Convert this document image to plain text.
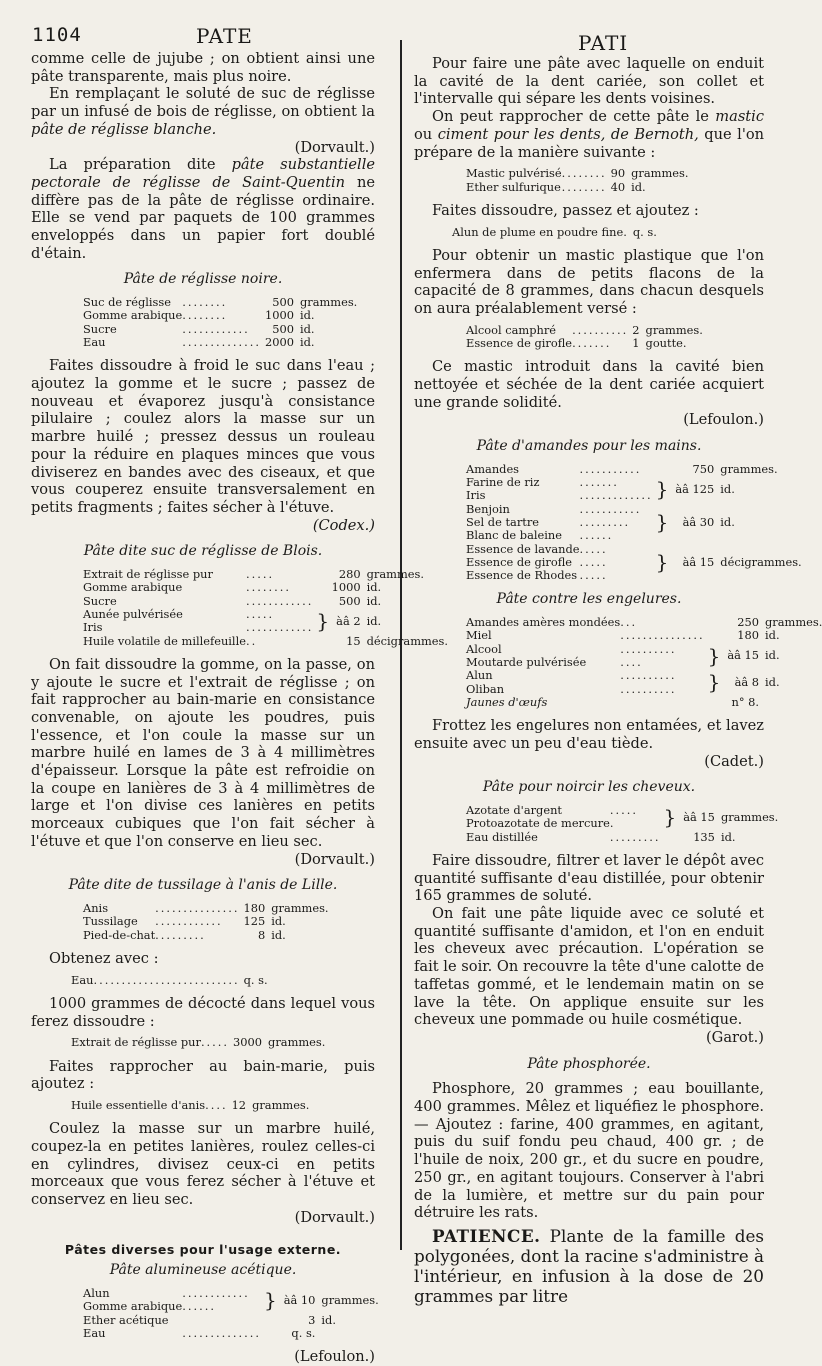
1104	PATE	PATI

comme celle de jujube ; on obtient ainsi une pâte transparente, mais plus noire.

En remplaçant le soluté de suc de réglisse par un infusé de bois de réglisse, on obtient la pâte de réglisse blanche.

(Dorvault.)

La préparation dite pâte substantielle pectorale de réglisse de Saint-Quentin ne diffère pas de la pâte de réglisse ordinaire. Elle se vend par paquets de 100 grammes enveloppés dans un papier fort doublé d'étain.

Pâte de réglisse noire.
Suc de réglisse	........	500	grammes.
Gomme arabique	........	1000	id.
Sucre	............	500	id.
Eau	..............	2000	id.

Faites dissoudre à froid le suc dans l'eau ; ajoutez la gomme et le sucre ; passez de nouveau et évaporez jusqu'à consistance pilulaire ; coulez alors la masse sur un marbre huilé ; pressez dessus un rouleau pour la réduire en plaques minces que vous diviserez en bandes avec des ciseaux, et que vous couperez ensuite transversalement en petits fragments ; faites sécher à l'étuve.

(Codex.)

Pâte dite suc de réglisse de Blois.
Extrait de réglisse pur	.....	280		grammes.
Gomme arabique	........	1000		id.
Sucre	............	500		id.
Aunée pulvérisée	.....	}	àâ 2	id.
Iris	............			
Huile volatile de millefeuille	..	15		décigrammes.

On fait dissoudre la gomme, on la passe, on y ajoute le sucre et l'extrait de réglisse ; on fait rapprocher au bain-marie en consistance convenable, on ajoute les poudres, puis l'essence, et l'on coule la masse sur un marbre huilé en lames de 3 à 4 millimètres d'épaisseur. Lorsque la pâte est refroidie on la coupe en lanières de 3 à 4 millimètres de large et l'on divise ces lanières en petits morceaux cubiques que l'on fait sécher à l'étuve et que l'on conserve en lieu sec.

(Dorvault.)

Pâte dite de tussilage à l'anis de Lille.
Anis	...............	180	grammes.
Tussilage	............	125	id.
Pied-de-chat	.........	8	id.

Obtenez avec :

Eau	..........................	q. s.

1000 grammes de décocté dans lequel vous ferez dissoudre :

Extrait de réglisse pur	.....	3000	grammes.

Faites rapprocher au bain-marie, puis ajoutez :

Huile essentielle d'anis	....	12	grammes.

Coulez la masse sur un marbre huilé, coupez-la en petites lanières, roulez celles-ci en cylindres, divisez ceux-ci en petits morceaux que vous ferez sécher à l'étuve et conservez en lieu sec.

(Dorvault.)

Pâtes diverses pour l'usage externe.
Pâte alumineuse acétique.
Alun	............	}	àâ 10	grammes.
Gomme arabique	......			
Ether acétique			3	id.
Eau	..............		q. s.	

(Lefoulon.)

Pour faire une pâte avec laquelle on enduit la cavité de la dent cariée, son collet et l'intervalle qui sépare les dents voisines.

On peut rapprocher de cette pâte le mastic ou ciment pour les dents, de Bernoth, que l'on prépare de la manière suivante :

Mastic pulvérisé	........	90	grammes.
Ether sulfurique	........	40	id.

Faites dissoudre, passez et ajoutez :

Alun de plume en poudre fine	.	q. s.

Pour obtenir un mastic plastique que l'on enfermera dans de petits flacons de la capacité de 8 grammes, dans chacun desquels on aura préalablement versé :

Alcool camphré	..........	2	grammes.
Essence de girofle	.......	1	goutte.

Ce mastic introduit dans la cavité bien nettoyée et séchée de la dent cariée acquiert une grande solidité.

(Lefoulon.)

Pâte d'amandes pour les mains.
Amandes	...........		750	grammes.
Farine de riz	.......	}	àâ 125	id.
Iris	.............			
Benjoin	...........	}	àâ 30	id.
Sel de tartre	.........			
Blanc de baleine	......			
Essence de lavande	.....	}	àâ 15	décigrammes.
Essence de girofle	.....			
Essence de Rhodes	.....			
Pâte contre les engelures.
Amandes amères mondées	...		250	grammes.
Miel	...............		180	id.
Alcool	..........	}	àâ 15	id.
Moutarde pulvérisée	....			
Alun	..........	}	àâ 8	id.
Oliban	..........			
Jaunes d'œufs			n° 8.	

Frottez les engelures non entamées, et lavez ensuite avec un peu d'eau tiède.

(Cadet.)

Pâte pour noircir les cheveux.
Azotate d'argent	.....	}	àâ 15	grammes.
Protoazotate de mercure	.			
Eau distillée	.........		135	id.

Faire dissoudre, filtrer et laver le dépôt avec quantité suffisante d'eau distillée, pour obtenir 165 grammes de soluté.

On fait une pâte liquide avec ce soluté et quantité suffisante d'amidon, et l'on en enduit les cheveux avec précaution. L'opération se fait le soir. On recouvre la tête d'une calotte de taffetas gommé, et le lendemain matin on se lave la tête. On applique ensuite sur les cheveux une pommade ou huile cosmétique.

(Garot.)

Pâte phosphorée.

Phosphore, 20 grammes ; eau bouillante, 400 grammes. Mêlez et liquéfiez le phosphore. — Ajoutez : farine, 400 grammes, en agitant, puis du suif fondu peu chaud, 400 gr. ; de l'huile de noix, 200 gr., et du sucre en poudre, 250 gr., en agitant toujours. Conserver à l'abri de la lumière, et mettre sur du pain pour détruire les rats.

PATIENCE. Plante de la famille des polygonées, dont la racine s'administre à l'intérieur, en infusion à la dose de 20 grammes par litre
